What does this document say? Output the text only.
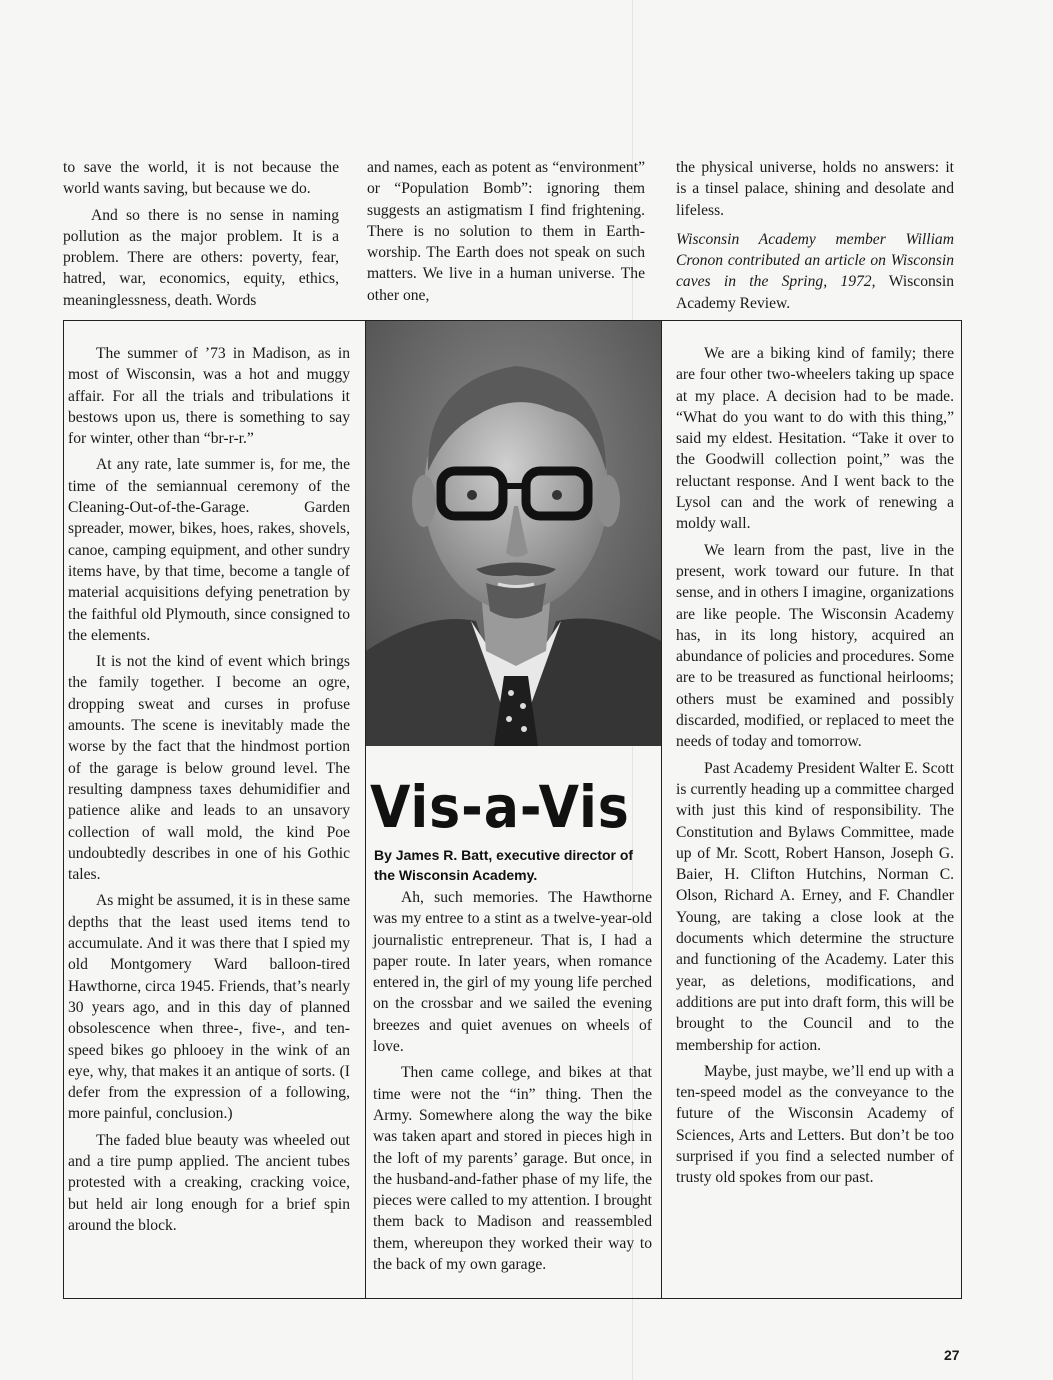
to save the world, it is not because the world wants saving, but because we do.

And so there is no sense in naming pollution as the major problem. It is a problem. There are others: poverty, fear, hatred, war, economics, equity, ethics, meaninglessness, death. Words

and names, each as potent as “environment” or “Population Bomb”: ignoring them suggests an astigmatism I find frightening. There is no solution to them in Earth-worship. The Earth does not speak on such matters. We live in a human universe. The other one,

the physical universe, holds no answers: it is a tinsel palace, shining and desolate and lifeless.

Wisconsin Academy member William Cronon contributed an article on Wisconsin caves in the Spring, 1972, Wisconsin Academy Review.

The summer of ’73 in Madison, as in most of Wisconsin, was a hot and muggy affair. For all the trials and tribulations it bestows upon us, there is something to say for winter, other than “br-r-r.”

At any rate, late summer is, for me, the time of the semiannual ceremony of the Cleaning-Out-of-the-Garage. Garden spreader, mower, bikes, hoes, rakes, shovels, canoe, camping equipment, and other sundry items have, by that time, become a tangle of material acquisitions defying penetration by the faithful old Plymouth, since consigned to the elements.

It is not the kind of event which brings the family together. I become an ogre, dropping sweat and curses in profuse amounts. The scene is inevitably made the worse by the fact that the hindmost portion of the garage is below ground level. The resulting dampness taxes dehumidifier and patience alike and leads to an unsavory collection of wall mold, the kind Poe undoubtedly describes in one of his Gothic tales.

As might be assumed, it is in these same depths that the least used items tend to accumulate. And it was there that I spied my old Montgomery Ward balloon-tired Hawthorne, circa 1945. Friends, that’s nearly 30 years ago, and in this day of planned obsolescence when three-, five-, and ten-speed bikes go phlooey in the wink of an eye, why, that makes it an antique of sorts. (I defer from the expression of a following, more painful, conclusion.)

The faded blue beauty was wheeled out and a tire pump applied. The ancient tubes protested with a creaking, cracking voice, but held air long enough for a brief spin around the block.

Vis-a-Vis
By James R. Batt, executive director of the Wisconsin Academy.

Ah, such memories. The Hawthorne was my entree to a stint as a twelve-year-old journalistic entrepreneur. That is, I had a paper route. In later years, when romance entered in, the girl of my young life perched on the crossbar and we sailed the evening breezes and quiet avenues on wheels of love.

Then came college, and bikes at that time were not the “in” thing. Then the Army. Somewhere along the way the bike was taken apart and stored in pieces high in the loft of my parents’ garage. But once, in the husband-and-father phase of my life, the pieces were called to my attention. I brought them back to Madison and reassembled them, whereupon they worked their way to the back of my own garage.

We are a biking kind of family; there are four other two-wheelers taking up space at my place. A decision had to be made. “What do you want to do with this thing,” said my eldest. Hesitation. “Take it over to the Goodwill collection point,” was the reluctant response. And I went back to the Lysol can and the work of renewing a moldy wall.

We learn from the past, live in the present, work toward our future. In that sense, and in others I imagine, organizations are like people. The Wisconsin Academy has, in its long history, acquired an abundance of policies and procedures. Some are to be treasured as functional heirlooms; others must be examined and possibly discarded, modified, or replaced to meet the needs of today and tomorrow.

Past Academy President Walter E. Scott is currently heading up a committee charged with just this kind of responsibility. The Constitution and Bylaws Committee, made up of Mr. Scott, Robert Hanson, Joseph G. Baier, H. Clifton Hutchins, Norman C. Olson, Richard A. Erney, and F. Chandler Young, are taking a close look at the documents which determine the structure and functioning of the Academy. Later this year, as deletions, modifications, and additions are put into draft form, this will be brought to the Council and to the membership for action.

Maybe, just maybe, we’ll end up with a ten-speed model as the conveyance to the future of the Wisconsin Academy of Sciences, Arts and Letters. But don’t be too surprised if you find a selected number of trusty old spokes from our past.

27
